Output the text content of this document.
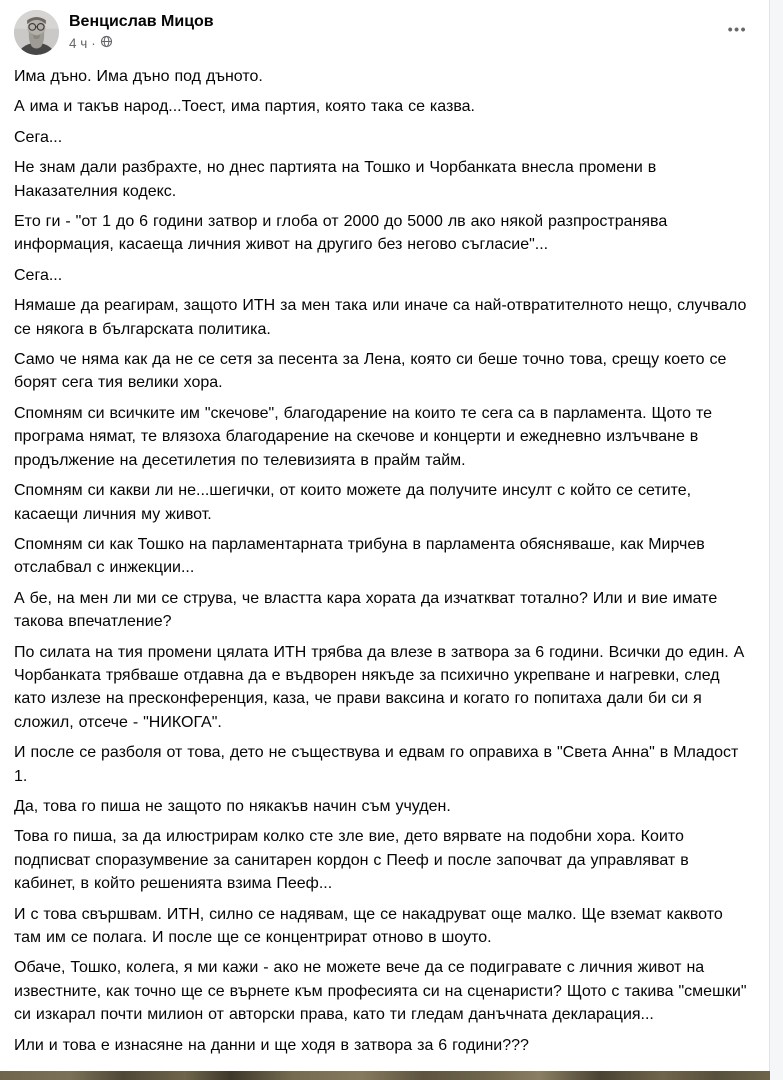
Венцислав Мицов
4 ч ·
•••

Има дъно. Има дъно под дъното.

А има и такъв народ...Тоест, има партия, която така се казва.

Сега...

Не знам дали разбрахте, но днес партията на Тошко и Чорбанката внесла промени в Наказателния кодекс.

Ето ги - "от 1 до 6 години затвор и глоба от 2000 до 5000 лв ако някой разпространява информация, касаеща личния живот на другиго без негово съгласие"...

Сега...

Нямаше да реагирам, защото ИТН за мен така или иначе са най-отвратителното нещо, случвало се някога в българската политика.

Само че няма как да не се сетя за песента за Лена, която си беше точно това, срещу което се борят сега тия велики хора.

Спомням си всичките им "скечове", благодарение на които те сега са в парламента. Щото те програма нямат, те влязоха благодарение на скечове и концерти и ежедневно излъчване в продължение на десетилетия по телевизията в прайм тайм.

Спомням си какви ли не...шегички, от които можете да получите инсулт с който се сетите, касаещи личния му живот.

Спомням си как Тошко на парламентарната трибуна в парламента обясняваше, как Мирчев отслабвал с инжекции...

А бе, на мен ли ми се струва, че властта кара хората да изчаткват тотално? Или и вие имате такова впечатление?

По силата на тия промени цялата ИТН трябва да влезе в затвора за 6 години. Всички до един. А Чорбанката трябваше отдавна да е въдворен някъде за психично укрепване и нагревки, след като излезе на пресконференция, каза, че прави ваксина и когато го попитаха дали би си я сложил, отсече - "НИКОГА".

И после се разболя от това, дето не съществува и едвам го оправиха в "Света Анна" в Младост 1.

Да, това го пиша не защото по някакъв начин съм учуден.

Това го пиша, за да илюстрирам колко сте зле вие, дето вярвате на подобни хора. Които подписват споразумвение за санитарен кордон с Пееф и после започват да управляват в кабинет, в който решенията взима Пееф...

И с това свършвам. ИТН, силно се надявам, ще се накадруват още малко. Ще вземат каквото там им се полага. И после ще се концентрират отново в шоуто.

Обаче, Тошко, колега, я ми кажи - ако не можете вече да се подигравате с личния живот на известните, как точно ще се върнете към професията си на сценаристи? Щото с такива "смешки" си изкарал почти милион от авторски права, като ти гледам данъчната декларация...

Или и това е изнасяне на данни и ще ходя в затвора за 6 години???
